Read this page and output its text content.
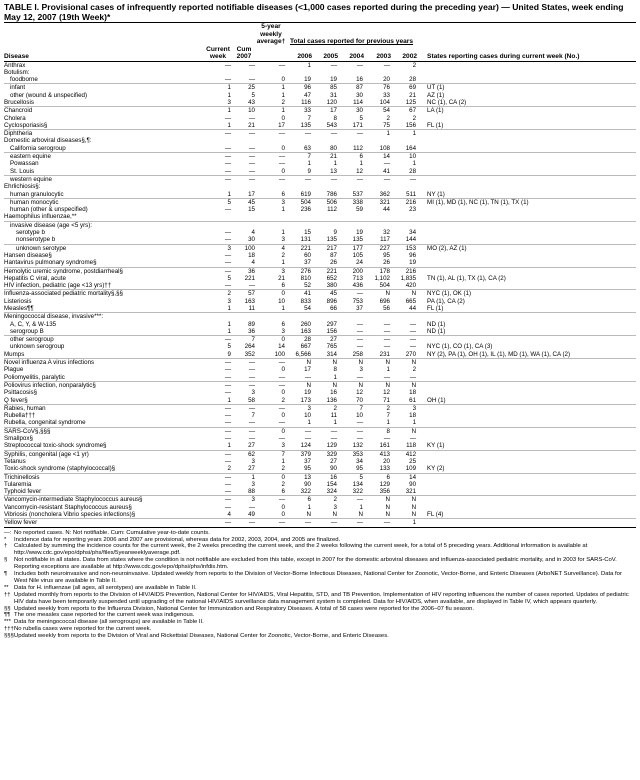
TABLE I. Provisional cases of infrequently reported notifiable diseases (<1,000 cases reported during the preceding year) — United States, week ending May 12, 2007 (19th Week)*
			5-year weekly average†	Total cases reported for previous years					
Disease	Current week	Cum 2007		2006	2005	2004	2003	2002	States reporting cases during current week (No.)
Anthrax	—	—	—	1	—	—	—	2	
Botulism:									
foodborne	—	—	0	19	19	16	20	28	
infant	1	25	1	96	85	87	76	69	UT (1)
other (wound & unspecified)	1	5	1	47	31	30	33	21	AZ (1)
Brucellosis	3	43	2	116	120	114	104	125	NC (1), CA (2)
Chancroid	1	10	1	33	17	30	54	67	LA (1)
Cholera	—	—	0	7	8	5	2	2	
Cyclosporiasis§	1	21	17	135	543	171	75	156	FL (1)
Diphtheria	—	—	—	—	—	—	1	1	
Domestic arboviral diseases§,¶:									
California serogroup	—	—	0	63	80	112	108	164	
eastern equine	—	—	—	7	21	6	14	10	
Powassan	—	—	—	1	1	1	—	1	
St. Louis	—	—	0	9	13	12	41	28	
western equine	—	—	—	—	—	—	—	—	
Ehrlichiosis§:									
human granulocytic	1	17	6	619	786	537	362	511	NY (1)
human monocytic	5	45	3	504	506	338	321	216	MI (1), MD (1), NC (1), TN (1), TX (1)
human (other & unspecified)	—	15	1	236	112	59	44	23	
Haemophilus influenzae,**									
invasive disease (age <5 yrs):									
serotype b	—	4	1	15	9	19	32	34	
nonserotype b	—	30	3	131	135	135	117	144	
unknown serotype	3	100	4	221	217	177	227	153	MO (2), AZ (1)
Hansen disease§	—	18	2	60	87	105	95	96	
Hantavirus pulmonary syndrome§	—	4	1	37	26	24	26	19	
Hemolytic uremic syndrome, postdiarrheal§	—	36	3	276	221	200	178	216	
Hepatitis C viral, acute	5	221	21	810	652	713	1,102	1,835	TN (1), AL (1), TX (1), CA (2)
HIV infection, pediatric (age <13 yrs)††	—	—	6	52	380	436	504	420	
Influenza-associated pediatric mortality§,§§	2	57	0	41	45	—	N	N	NYC (1), OK (1)
Listeriosis	3	163	10	833	896	753	696	665	PA (1), CA (2)
Measles¶¶	1	11	1	54	66	37	56	44	FL (1)
Meningococcal disease, invasive***:									
A, C, Y, & W-135	1	89	6	260	297	—	—	—	ND (1)
serogroup B	1	36	3	163	156	—	—	—	ND (1)
other serogroup	—	7	0	28	27	—	—	—	
unknown serogroup	5	264	14	667	765	—	—	—	NYC (1), CO (1), CA (3)
Mumps	9	352	100	6,566	314	258	231	270	NY (2), PA (1), OH (1), IL (1), MD (1), WA (1), CA (2)
Novel influenza A virus infections	—	—	—	N	N	N	N	N	
Plague	—	—	0	17	8	3	1	2	
Poliomyelitis, paralytic	—	—	—	—	1	—	—	—	
Poliovirus infection, nonparalytic§	—	—	—	N	N	N	N	N	
Psittacosis§	—	3	0	19	16	12	12	18	
Q fever§	1	58	2	173	136	70	71	61	OH (1)
Rabies, human	—	—	—	3	2	7	2	3	
Rubella†††	—	7	0	10	11	10	7	18	
Rubella, congenital syndrome	—	—	—	1	1	—	1	1	
SARS-CoV§,§§§	—	—	0	—	—	—	8	N	
Smallpox§	—	—	—	—	—	—	—	—	
Streptococcal toxic-shock syndrome§	1	27	3	124	129	132	161	118	KY (1)
Syphilis, congenital (age <1 yr)	—	62	7	379	329	353	413	412	
Tetanus	—	3	1	37	27	34	20	25	
Toxic-shock syndrome (staphylococcal)§	2	27	2	95	90	95	133	109	KY (2)
Trichinellosis	—	1	0	13	16	5	6	14	
Tularemia	—	3	2	90	154	134	129	90	
Typhoid fever	—	88	6	322	324	322	356	321	
Vancomycin-intermediate Staphylococcus aureus§	—	3	—	6	2	—	N	N	
Vancomycin-resistant Staphylococcus aureus§	—	—	0	1	3	1	N	N	
Vibriosis (noncholera Vibrio species infections)§	4	49	0	N	N	N	N	N	FL (4)
Yellow fever	—	—	—	—	—	—	—	1	
—: No reported cases. N: Not notifiable. Cum: Cumulative year-to-date counts.
*	Incidence data for reporting years 2006 and 2007 are provisional, whereas data for 2002, 2003, 2004, and 2005 are finalized.
†	Calculated by summing the incidence counts for the current week, the 2 weeks preceding the current week, and the 2 weeks following the current week, for a total of 5 preceding years. Additional information is available at http://www.cdc.gov/epo/dphsi/phs/files/5yearweeklyaverage.pdf.
§	Not notifiable in all states. Data from states where the condition is not notifiable are excluded from this table, except in 2007 for the domestic arboviral diseases and influenza-associated pediatric mortality, and in 2003 for SARS-CoV. Reporting exceptions are available at http://www.cdc.gov/epo/dphsi/phs/infdis.htm.
¶	Includes both neuroinvasive and non-neuroinvasive. Updated weekly from reports to the Division of Vector-Borne Infectious Diseases, National Center for Zoonotic, Vector-Borne, and Enteric Diseases (ArboNET Surveillance). Data for West Nile virus are available in Table II.
** Data for H. influenzae (all ages, all serotypes) are available in Table II.
†† Updated monthly from reports to the Division of HIV/AIDS Prevention, National Center for HIV/AIDS, Viral Hepatitis, STD, and TB Prevention. Implementation of HIV reporting influences the number of cases reported. Updates of pediatric HIV data have been temporarily suspended until upgrading of the national HIV/AIDS surveillance data management system is completed. Data for HIV/AIDS, when available, are displayed in Table IV, which appears quarterly.
§§ Updated weekly from reports to the Influenza Division, National Center for Immunization and Respiratory Diseases. A total of 58 cases were reported for the 2006–07 flu season.
¶¶ The one measles case reported for the current week was indigenous.
*** Data for meningococcal disease (all serogroups) are available in Table II.
††† No rubella cases were reported for the current week.
§§§ Updated weekly from reports to the Division of Viral and Rickettsial Diseases, National Center for Zoonotic, Vector-Borne, and Enteric Diseases.
